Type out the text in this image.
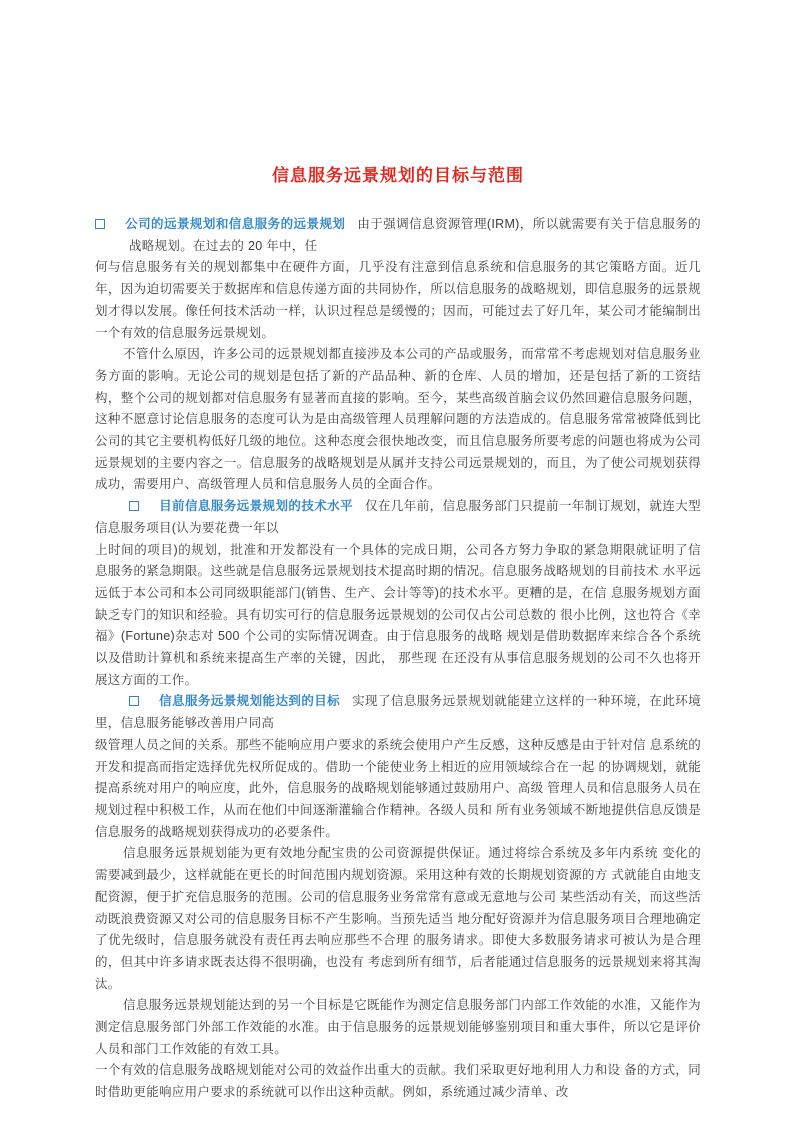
信息服务远景规划的目标与范围

公司的远景规划和信息服务的远景规划 由于强调信息资源管理(IRM)，所以就需要有关于信息服务的战略规划。在过去的 20 年中，任

何与信息服务有关的规划都集中在硬件方面，几乎没有注意到信息系统和信息服务的其它策略方面。近几年，因为迫切需要关于数据库和信息传递方面的共同协作，所以信息服务的战略规划，即信息服务的远景规划才得以发展。像任何技术活动一样，认识过程总是缓慢的；因而，可能过去了好几年，某公司才能编制出一个有效的信息服务远景规划。

不管什么原因，许多公司的远景规划都直接涉及本公司的产品或服务，而常常不考虑规划对信息服务业务方面的影响。无论公司的规划是包括了新的产品品种、新的仓库、人员的增加，还是包括了新的工资结构，整个公司的规划都对信息服务有显著而直接的影响。至今，某些高级首脑会议仍然回避信息服务问题，这种不愿意讨论信息服务的态度可认为是由高级管理人员理解问题的方法造成的。信息服务常常被降低到比公司的其它主要机构低好几级的地位。这种态度会很快地改变，而且信息服务所要考虑的问题也将成为公司远景规划的主要内容之一。信息服务的战略规划是从属并支持公司远景规划的，而且，为了使公司规划获得成功，需要用户、高级管理人员和信息服务人员的全面合作。

目前信息服务远景规划的技术水平 仅在几年前，信息服务部门只提前一年制订规划，就连大型信息服务项目(认为要花费一年以

上时间的项目)的规划，批准和开发都没有一个具体的完成日期，公司各方努力争取的紧急期限就证明了信息服务的紧急期限。这些就是信息服务远景规划技术提高时期的情况。信息服务战略规划的目前技术 水平远远低于本公司和本公司同级职能部门(销售、生产、会计等等)的技术水平。更糟的是，在信 息服务规划方面缺乏专门的知识和经验。具有切实可行的信息服务远景规划的公司仅占公司总数的 很小比例，这也符合《幸福》(Fortune)杂志对 500 个公司的实际情况调查。由于信息服务的战略 规划是借助数据库来综合各个系统以及借助计算机和系统来提高生产率的关键，因此， 那些现 在还没有从事信息服务规划的公司不久也将开展这方面的工作。

信息服务远景规划能达到的目标 实现了信息服务远景规划就能建立这样的一种环境，在此环境里，信息服务能够改善用户同高

级管理人员之间的关系。那些不能响应用户要求的系统会使用户产生反感，这种反感是由于针对信 息系统的开发和提高而指定选择优先权所促成的。借助一个能使业务上相近的应用领域综合在一起 的协调规划，就能提高系统对用户的响应度，此外，信息服务的战略规划能够通过鼓励用户、高级 管理人员和信息服务人员在规划过程中积极工作，从而在他们中间逐渐灌输合作精神。各级人员和 所有业务领域不断地提供信息反馈是信息服务的战略规划获得成功的必要条件。

信息服务远景规划能为更有效地分配宝贵的公司资源提供保证。通过将综合系统及多年内系统 变化的需要减到最少，这样就能在更长的时间范围内规划资源。采用这种有效的长期规划资源的方 式就能自由地支配资源，便于扩充信息服务的范围。公司的信息服务业务常常有意或无意地与公司 某些活动有关，而这些活动既浪费资源又对公司的信息服务目标不产生影响。当预先适当 地分配好资源并为信息服务项目合理地确定了优先级时，信息服务就没有责任再去响应那些不合理 的服务请求。即使大多数服务请求可被认为是合理的，但其中许多请求既表达得不很明确，也没有 考虑到所有细节，后者能通过信息服务的远景规划来将其淘汰。

信息服务远景规划能达到的另一个目标是它既能作为测定信息服务部门内部工作效能的水准，又能作为测定信息服务部门外部工作效能的水准。由于信息服务的远景规划能够鉴别项目和重大事件，所以它是评价人员和部门工作效能的有效工具。

一个有效的信息服务战略规划能对公司的效益作出重大的贡献。我们采取更好地利用人力和设 备的方式，同时借助更能响应用户要求的系统就可以作出这种贡献。例如，系统通过减少清单、改
